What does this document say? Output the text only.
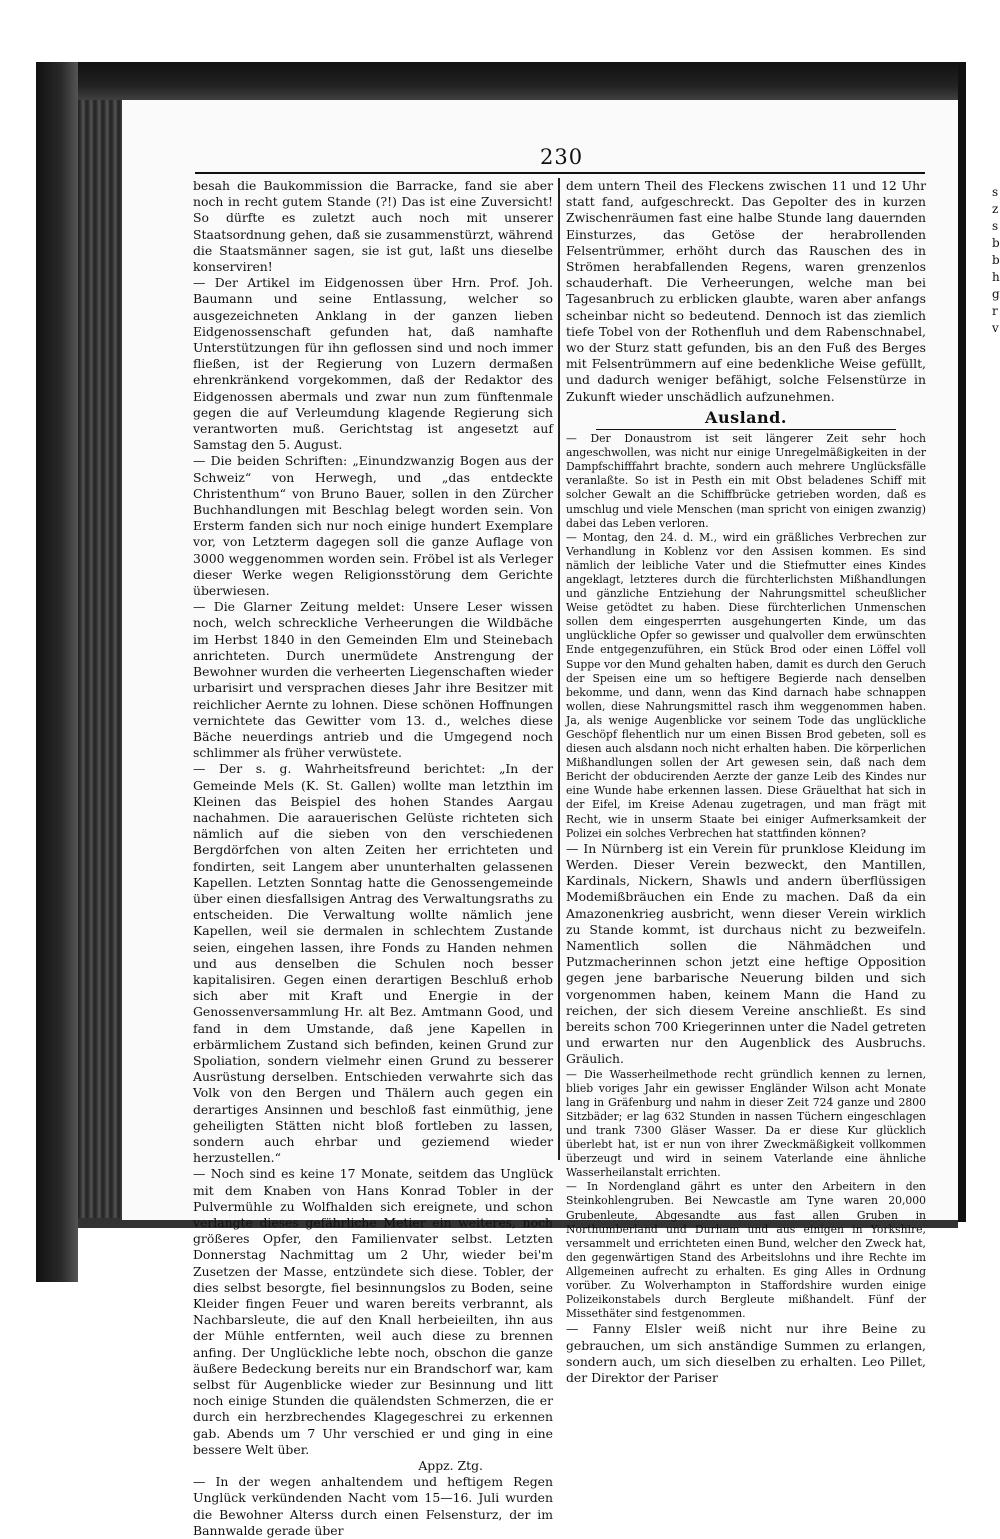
230

besah die Baukommission die Barracke, fand sie aber noch in recht gutem Stande (?!) Das ist eine Zuversicht! So dürfte es zuletzt auch noch mit unserer Staatsordnung gehen, daß sie zusammenstürzt, während die Staatsmänner sagen, sie ist gut, laßt uns dieselbe konserviren!

— Der Artikel im Eidgenossen über Hrn. Prof. Joh. Baumann und seine Entlassung, welcher so ausgezeichneten Anklang in der ganzen lieben Eidgenossenschaft gefunden hat, daß namhafte Unterstützungen für ihn geflossen sind und noch immer fließen, ist der Regierung von Luzern dermaßen ehrenkränkend vorgekommen, daß der Redaktor des Eidgenossen abermals und zwar nun zum fünftenmale gegen die auf Verleumdung klagende Regierung sich verantworten muß. Gerichtstag ist angesetzt auf Samstag den 5. August.

— Die beiden Schriften: „Einundzwanzig Bogen aus der Schweiz“ von Herwegh, und „das entdeckte Christenthum“ von Bruno Bauer, sollen in den Zürcher Buchhandlungen mit Beschlag belegt worden sein. Von Ersterm fanden sich nur noch einige hundert Exemplare vor, von Letzterm dagegen soll die ganze Auflage von 3000 weggenommen worden sein. Fröbel ist als Verleger dieser Werke wegen Religionsstörung dem Gerichte überwiesen.

— Die Glarner Zeitung meldet: Unsere Leser wissen noch, welch schreckliche Verheerungen die Wildbäche im Herbst 1840 in den Gemeinden Elm und Steinebach anrichteten. Durch unermüdete Anstrengung der Bewohner wurden die verheerten Liegenschaften wieder urbarisirt und versprachen dieses Jahr ihre Besitzer mit reichlicher Aernte zu lohnen. Diese schönen Hoffnungen vernichtete das Gewitter vom 13. d., welches diese Bäche neuerdings antrieb und die Umgegend noch schlimmer als früher verwüstete.

— Der s. g. Wahrheitsfreund berichtet: „In der Gemeinde Mels (K. St. Gallen) wollte man letzthin im Kleinen das Beispiel des hohen Standes Aargau nachahmen. Die aarauerischen Gelüste richteten sich nämlich auf die sieben von den verschiedenen Bergdörfchen von alten Zeiten her errichteten und fondirten, seit Langem aber ununterhalten gelassenen Kapellen. Letzten Sonntag hatte die Genossengemeinde über einen diesfallsigen Antrag des Verwaltungsraths zu entscheiden. Die Verwaltung wollte nämlich jene Kapellen, weil sie dermalen in schlechtem Zustande seien, eingehen lassen, ihre Fonds zu Handen nehmen und aus denselben die Schulen noch besser kapitalisiren. Gegen einen derartigen Beschluß erhob sich aber mit Kraft und Energie in der Genossenversammlung Hr. alt Bez. Amtmann Good, und fand in dem Umstande, daß jene Kapellen in erbärmlichem Zustand sich befinden, keinen Grund zur Spoliation, sondern vielmehr einen Grund zu besserer Ausrüstung derselben. Entschieden verwahrte sich das Volk von den Bergen und Thälern auch gegen ein derartiges Ansinnen und beschloß fast einmüthig, jene geheiligten Stätten nicht bloß fortleben zu lassen, sondern auch ehrbar und geziemend wieder herzustellen.“

— Noch sind es keine 17 Monate, seitdem das Unglück mit dem Knaben von Hans Konrad Tobler in der Pulvermühle zu Wolfhalden sich ereignete, und schon verlangte dieses gefährliche Metier ein weiteres, noch größeres Opfer, den Familienvater selbst. Letzten Donnerstag Nachmittag um 2 Uhr, wieder bei'm Zusetzen der Masse, entzündete sich diese. Tobler, der dies selbst besorgte, fiel besinnungslos zu Boden, seine Kleider fingen Feuer und waren bereits verbrannt, als Nachbarsleute, die auf den Knall herbeieilten, ihn aus der Mühle entfernten, weil auch diese zu brennen anfing. Der Unglückliche lebte noch, obschon die ganze äußere Bedeckung bereits nur ein Brandschorf war, kam selbst für Augenblicke wieder zur Besinnung und litt noch einige Stunden die quälendsten Schmerzen, die er durch ein herzbrechendes Klagegeschrei zu erkennen gab. Abends um 7 Uhr verschied er und ging in eine bessere Welt über.

Appz. Ztg.

— In der wegen anhaltendem und heftigem Regen Unglück verkündenden Nacht vom 15—16. Juli wurden die Bewohner Alterss durch einen Felsensturz, der im Bannwalde gerade über

dem untern Theil des Fleckens zwischen 11 und 12 Uhr statt fand, aufgeschreckt. Das Gepolter des in kurzen Zwischenräumen fast eine halbe Stunde lang dauernden Einsturzes, das Getöse der herabrollenden Felsentrümmer, erhöht durch das Rauschen des in Strömen herabfallenden Regens, waren grenzenlos schauderhaft. Die Verheerungen, welche man bei Tagesanbruch zu erblicken glaubte, waren aber anfangs scheinbar nicht so bedeutend. Dennoch ist das ziemlich tiefe Tobel von der Rothenfluh und dem Rabenschnabel, wo der Sturz statt gefunden, bis an den Fuß des Berges mit Felsentrümmern auf eine bedenkliche Weise gefüllt, und dadurch weniger befähigt, solche Felsenstürze in Zukunft wieder unschädlich aufzunehmen.

Ausland.

— Der Donaustrom ist seit längerer Zeit sehr hoch angeschwollen, was nicht nur einige Unregelmäßigkeiten in der Dampfschifffahrt brachte, sondern auch mehrere Unglücksfälle veranlaßte. So ist in Pesth ein mit Obst beladenes Schiff mit solcher Gewalt an die Schiffbrücke getrieben worden, daß es umschlug und viele Menschen (man spricht von einigen zwanzig) dabei das Leben verloren.

— Montag, den 24. d. M., wird ein gräßliches Verbrechen zur Verhandlung in Koblenz vor den Assisen kommen. Es sind nämlich der leibliche Vater und die Stiefmutter eines Kindes angeklagt, letzteres durch die fürchterlichsten Mißhandlungen und gänzliche Entziehung der Nahrungsmittel scheußlicher Weise getödtet zu haben. Diese fürchterlichen Unmenschen sollen dem eingesperrten ausgehungerten Kinde, um das unglückliche Opfer so gewisser und qualvoller dem erwünschten Ende entgegenzuführen, ein Stück Brod oder einen Löffel voll Suppe vor den Mund gehalten haben, damit es durch den Geruch der Speisen eine um so heftigere Begierde nach denselben bekomme, und dann, wenn das Kind darnach habe schnappen wollen, diese Nahrungsmittel rasch ihm weggenommen haben. Ja, als wenige Augenblicke vor seinem Tode das unglückliche Geschöpf flehentlich nur um einen Bissen Brod gebeten, soll es diesen auch alsdann noch nicht erhalten haben. Die körperlichen Mißhandlungen sollen der Art gewesen sein, daß nach dem Bericht der obducirenden Aerzte der ganze Leib des Kindes nur eine Wunde habe erkennen lassen. Diese Gräuelthat hat sich in der Eifel, im Kreise Adenau zugetragen, und man frägt mit Recht, wie in unserm Staate bei einiger Aufmerksamkeit der Polizei ein solches Verbrechen hat stattfinden können?

— In Nürnberg ist ein Verein für prunklose Kleidung im Werden. Dieser Verein bezweckt, den Mantillen, Kardinals, Nickern, Shawls und andern überflüssigen Modemißbräuchen ein Ende zu machen. Daß da ein Amazonenkrieg ausbricht, wenn dieser Verein wirklich zu Stande kommt, ist durchaus nicht zu bezweifeln. Namentlich sollen die Nähmädchen und Putzmacherinnen schon jetzt eine heftige Opposition gegen jene barbarische Neuerung bilden und sich vorgenommen haben, keinem Mann die Hand zu reichen, der sich diesem Vereine anschließt. Es sind bereits schon 700 Kriegerinnen unter die Nadel getreten und erwarten nur den Augenblick des Ausbruchs. Gräulich.

— Die Wasserheilmethode recht gründlich kennen zu lernen, blieb voriges Jahr ein gewisser Engländer Wilson acht Monate lang in Gräfenburg und nahm in dieser Zeit 724 ganze und 2800 Sitzbäder; er lag 632 Stunden in nassen Tüchern eingeschlagen und trank 7300 Gläser Wasser. Da er diese Kur glücklich überlebt hat, ist er nun von ihrer Zweckmäßigkeit vollkommen überzeugt und wird in seinem Vaterlande eine ähnliche Wasserheilanstalt errichten.

— In Nordengland gährt es unter den Arbeitern in den Steinkohlengruben. Bei Newcastle am Tyne waren 20,000 Grubenleute, Abgesandte aus fast allen Gruben in Northumberland und Durham und aus einigen in Yorkshire, versammelt und errichteten einen Bund, welcher den Zweck hat, den gegenwärtigen Stand des Arbeitslohns und ihre Rechte im Allgemeinen aufrecht zu erhalten. Es ging Alles in Ordnung vorüber. Zu Wolverhampton in Staffordshire wurden einige Polizeikonstabels durch Bergleute mißhandelt. Fünf der Missethäter sind festgenommen.

— Fanny Elsler weiß nicht nur ihre Beine zu gebrauchen, um sich anständige Summen zu erlangen, sondern auch, um sich dieselben zu erhalten. Leo Pillet, der Direktor der Pariser

s
z
s
b
b
h
g
r
v
